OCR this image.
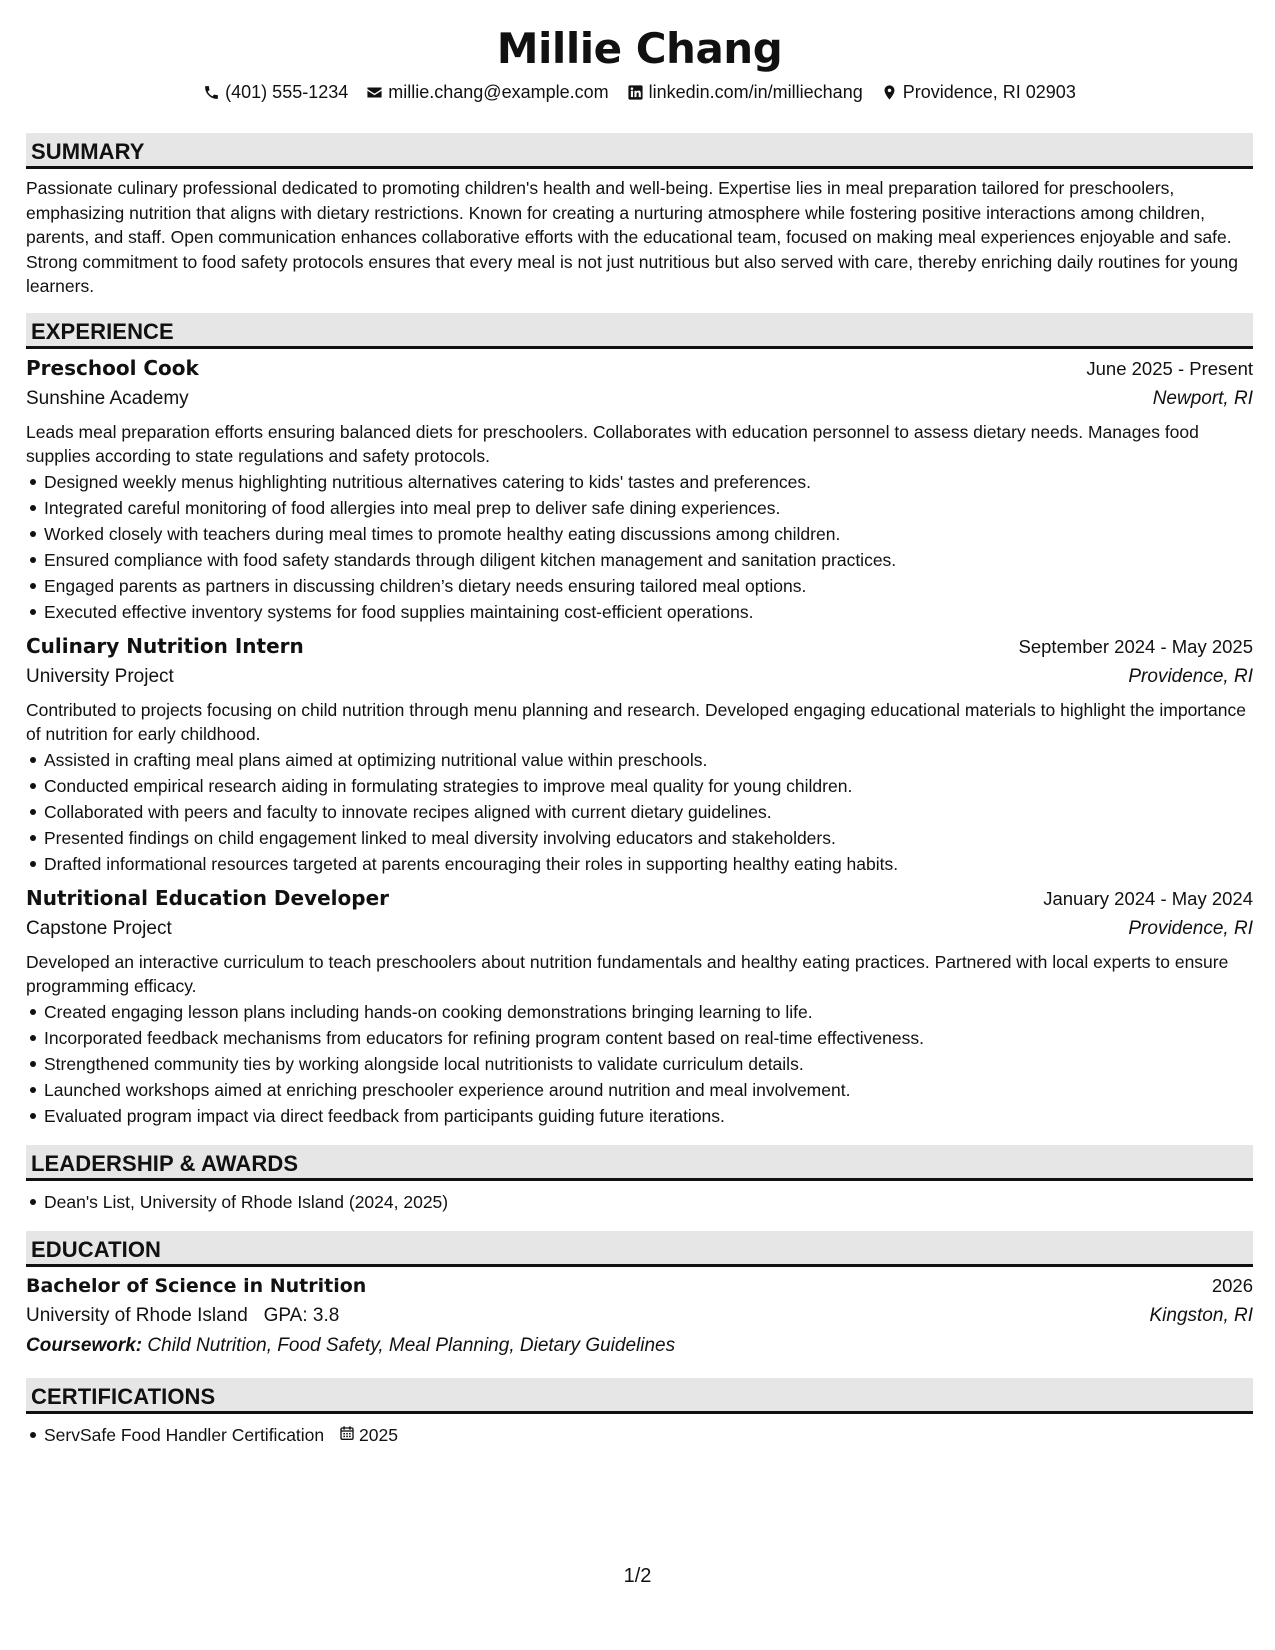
Millie Chang
(401) 555-1234 millie.chang@example.com linkedin.com/in/milliechang Providence, RI 02903
SUMMARY
Passionate culinary professional dedicated to promoting children's health and well-being. Expertise lies in meal preparation tailored for preschoolers, emphasizing nutrition that aligns with dietary restrictions. Known for creating a nurturing atmosphere while fostering positive interactions among children, parents, and staff. Open communication enhances collaborative efforts with the educational team, focused on making meal experiences enjoyable and safe. Strong commitment to food safety protocols ensures that every meal is not just nutritious but also served with care, thereby enriching daily routines for young learners.
EXPERIENCE
Preschool Cook	June 2025 - Present
Sunshine Academy	Newport, RI
Leads meal preparation efforts ensuring balanced diets for preschoolers. Collaborates with education personnel to assess dietary needs. Manages food supplies according to state regulations and safety protocols.
Designed weekly menus highlighting nutritious alternatives catering to kids' tastes and preferences.
Integrated careful monitoring of food allergies into meal prep to deliver safe dining experiences.
Worked closely with teachers during meal times to promote healthy eating discussions among children.
Ensured compliance with food safety standards through diligent kitchen management and sanitation practices.
Engaged parents as partners in discussing children’s dietary needs ensuring tailored meal options.
Executed effective inventory systems for food supplies maintaining cost-efficient operations.
Culinary Nutrition Intern	September 2024 - May 2025
University Project	Providence, RI
Contributed to projects focusing on child nutrition through menu planning and research. Developed engaging educational materials to highlight the importance of nutrition for early childhood.
Assisted in crafting meal plans aimed at optimizing nutritional value within preschools.
Conducted empirical research aiding in formulating strategies to improve meal quality for young children.
Collaborated with peers and faculty to innovate recipes aligned with current dietary guidelines.
Presented findings on child engagement linked to meal diversity involving educators and stakeholders.
Drafted informational resources targeted at parents encouraging their roles in supporting healthy eating habits.
Nutritional Education Developer	January 2024 - May 2024
Capstone Project	Providence, RI
Developed an interactive curriculum to teach preschoolers about nutrition fundamentals and healthy eating practices. Partnered with local experts to ensure programming efficacy.
Created engaging lesson plans including hands-on cooking demonstrations bringing learning to life.
Incorporated feedback mechanisms from educators for refining program content based on real-time effectiveness.
Strengthened community ties by working alongside local nutritionists to validate curriculum details.
Launched workshops aimed at enriching preschooler experience around nutrition and meal involvement.
Evaluated program impact via direct feedback from participants guiding future iterations.
LEADERSHIP & AWARDS
Dean's List, University of Rhode Island (2024, 2025)
EDUCATION
Bachelor of Science in Nutrition	2026
University of Rhode Island GPA: 3.8	Kingston, RI
Coursework: Child Nutrition, Food Safety, Meal Planning, Dietary Guidelines
CERTIFICATIONS
ServSafe Food Handler Certification 2025
1/2
